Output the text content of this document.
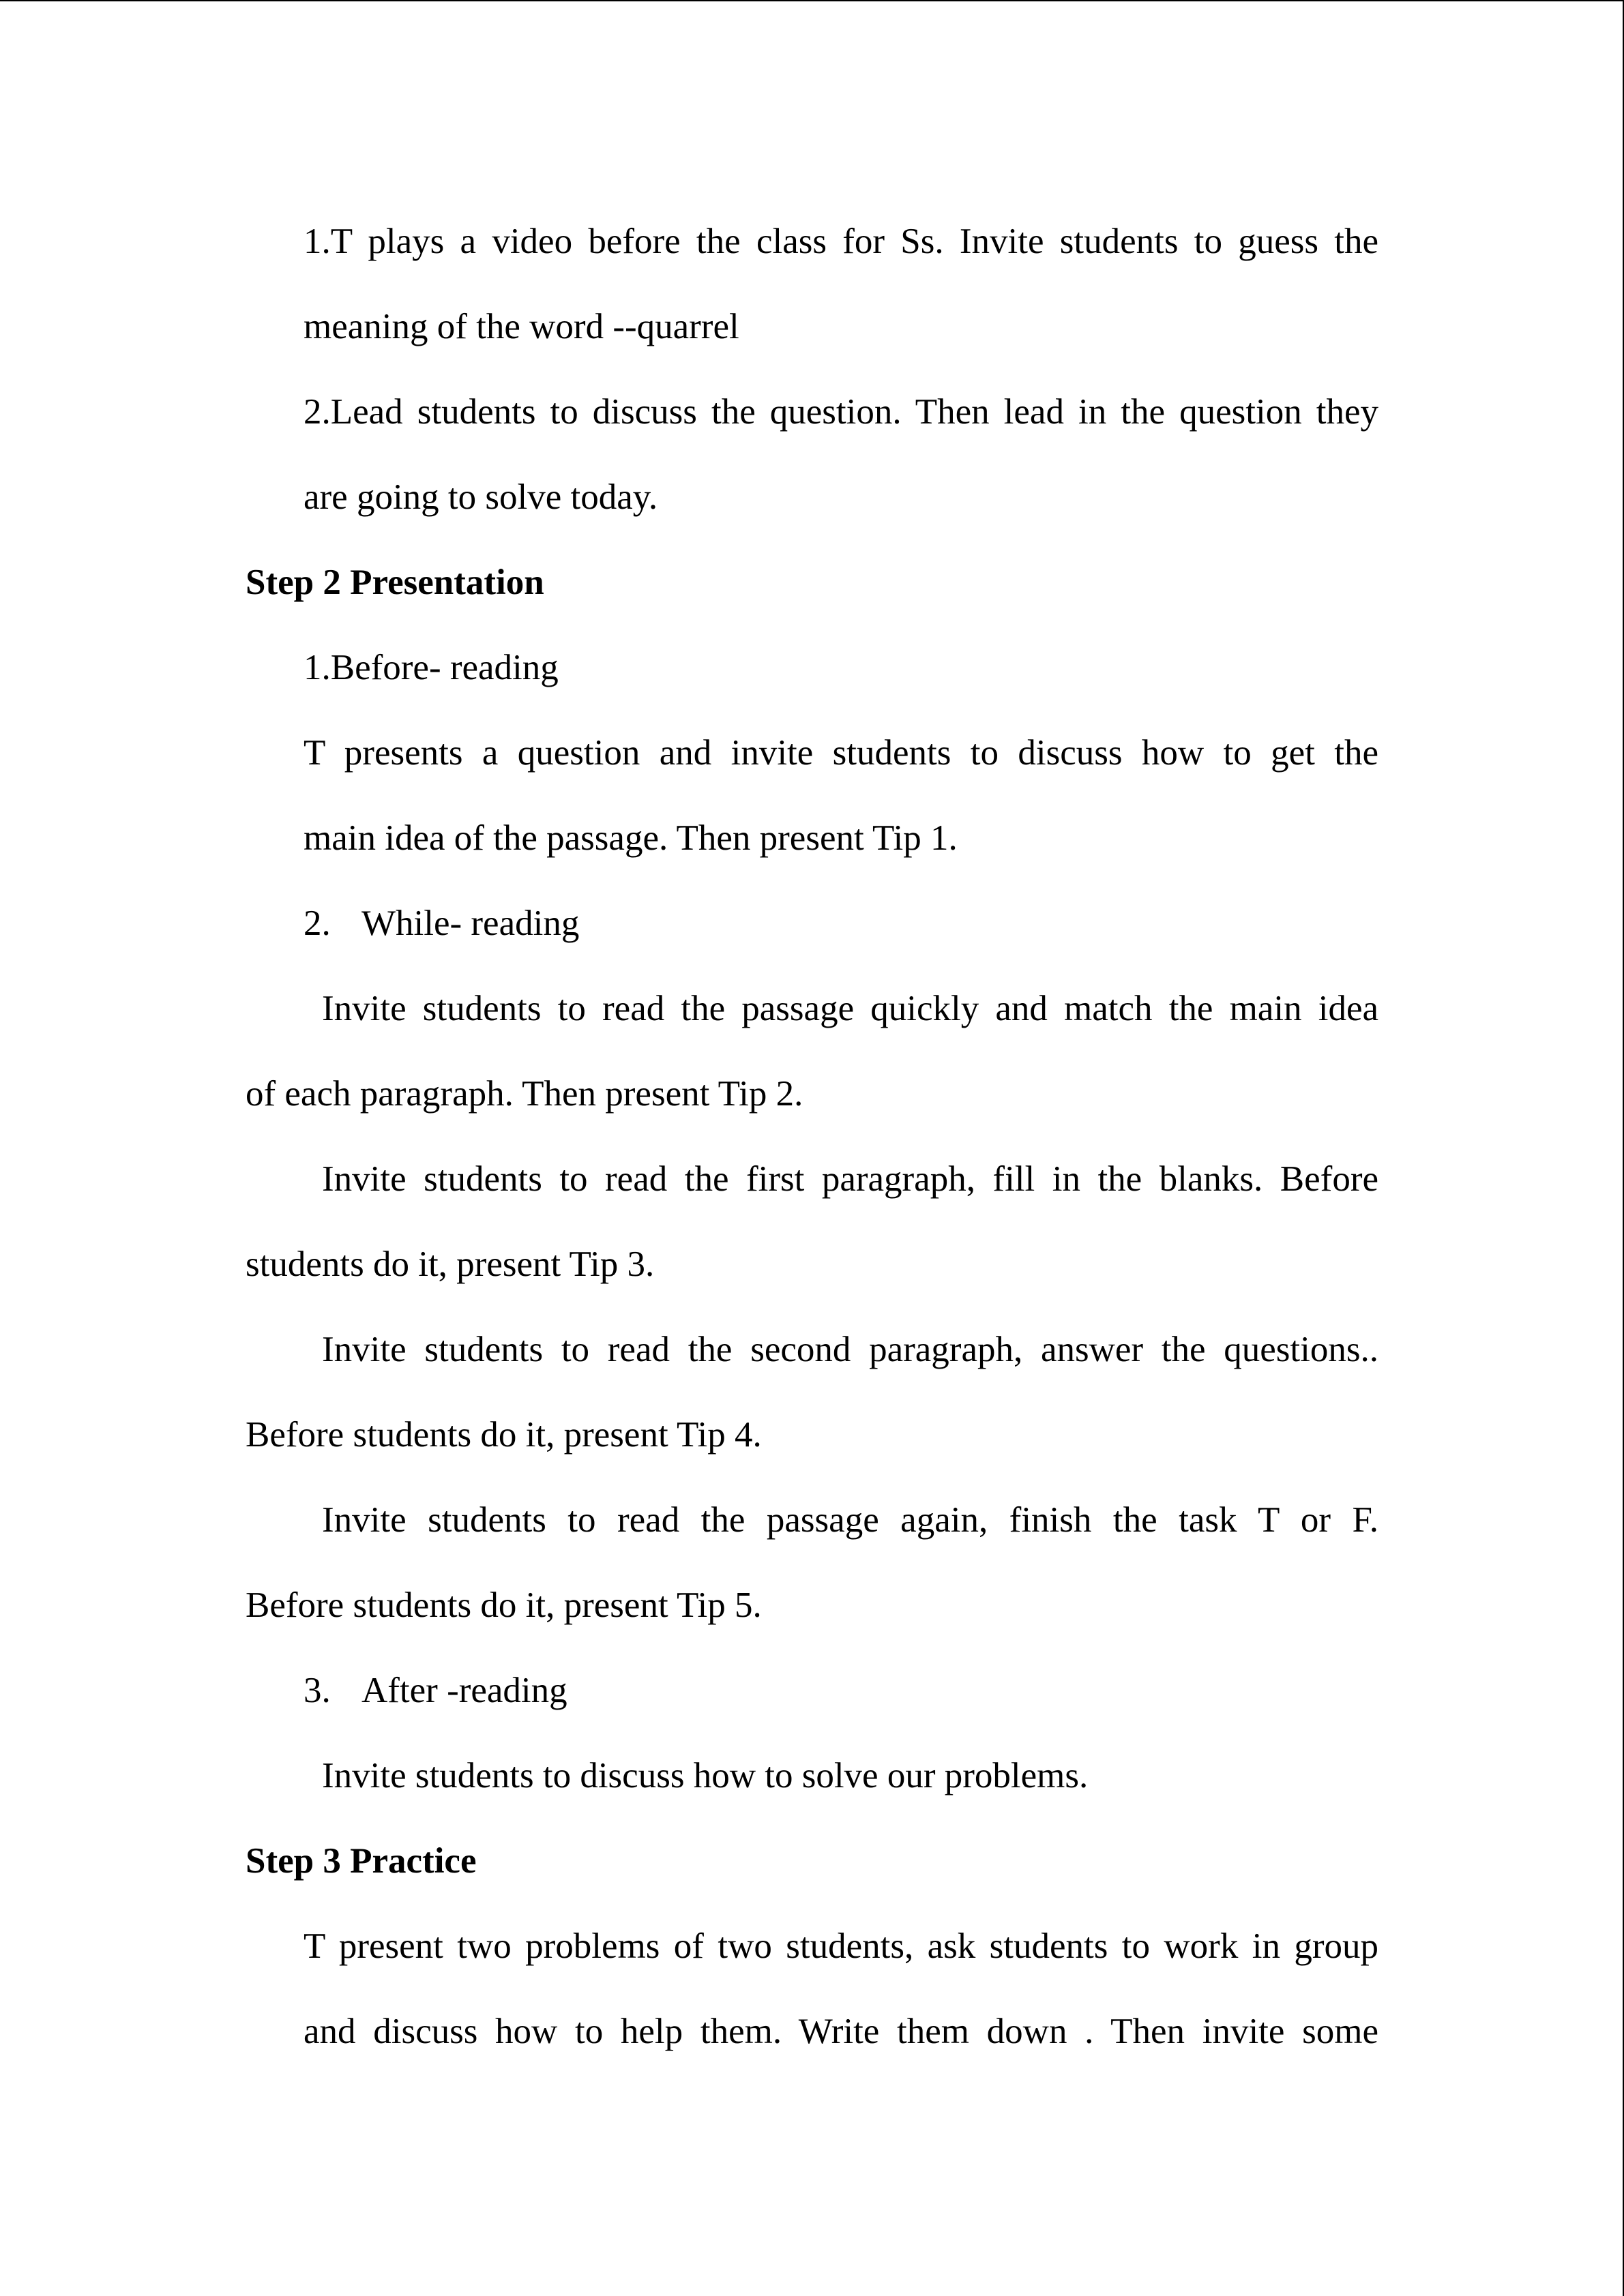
1.T plays a video before the class for Ss. Invite students to guess the
meaning of the word --quarrel
2.Lead students to discuss the question. Then lead in the question they
are going to solve today.
Step 2 Presentation
1.Before- reading
T presents a question and invite students to discuss how to get the
main idea of the passage. Then present Tip 1.
2. While- reading
Invite students to read the passage quickly and match the main idea
of each paragraph. Then present Tip 2.
Invite students to read the first paragraph, fill in the blanks. Before
students do it, present Tip 3.
Invite students to read the second paragraph, answer the questions..
Before students do it, present Tip 4.
Invite students to read the passage again, finish the task T or F.
Before students do it, present Tip 5.
3. After -reading
Invite students to discuss how to solve our problems.
Step 3 Practice
T present two problems of two students, ask students to work in group
and discuss how to help them. Write them down . Then invite some
